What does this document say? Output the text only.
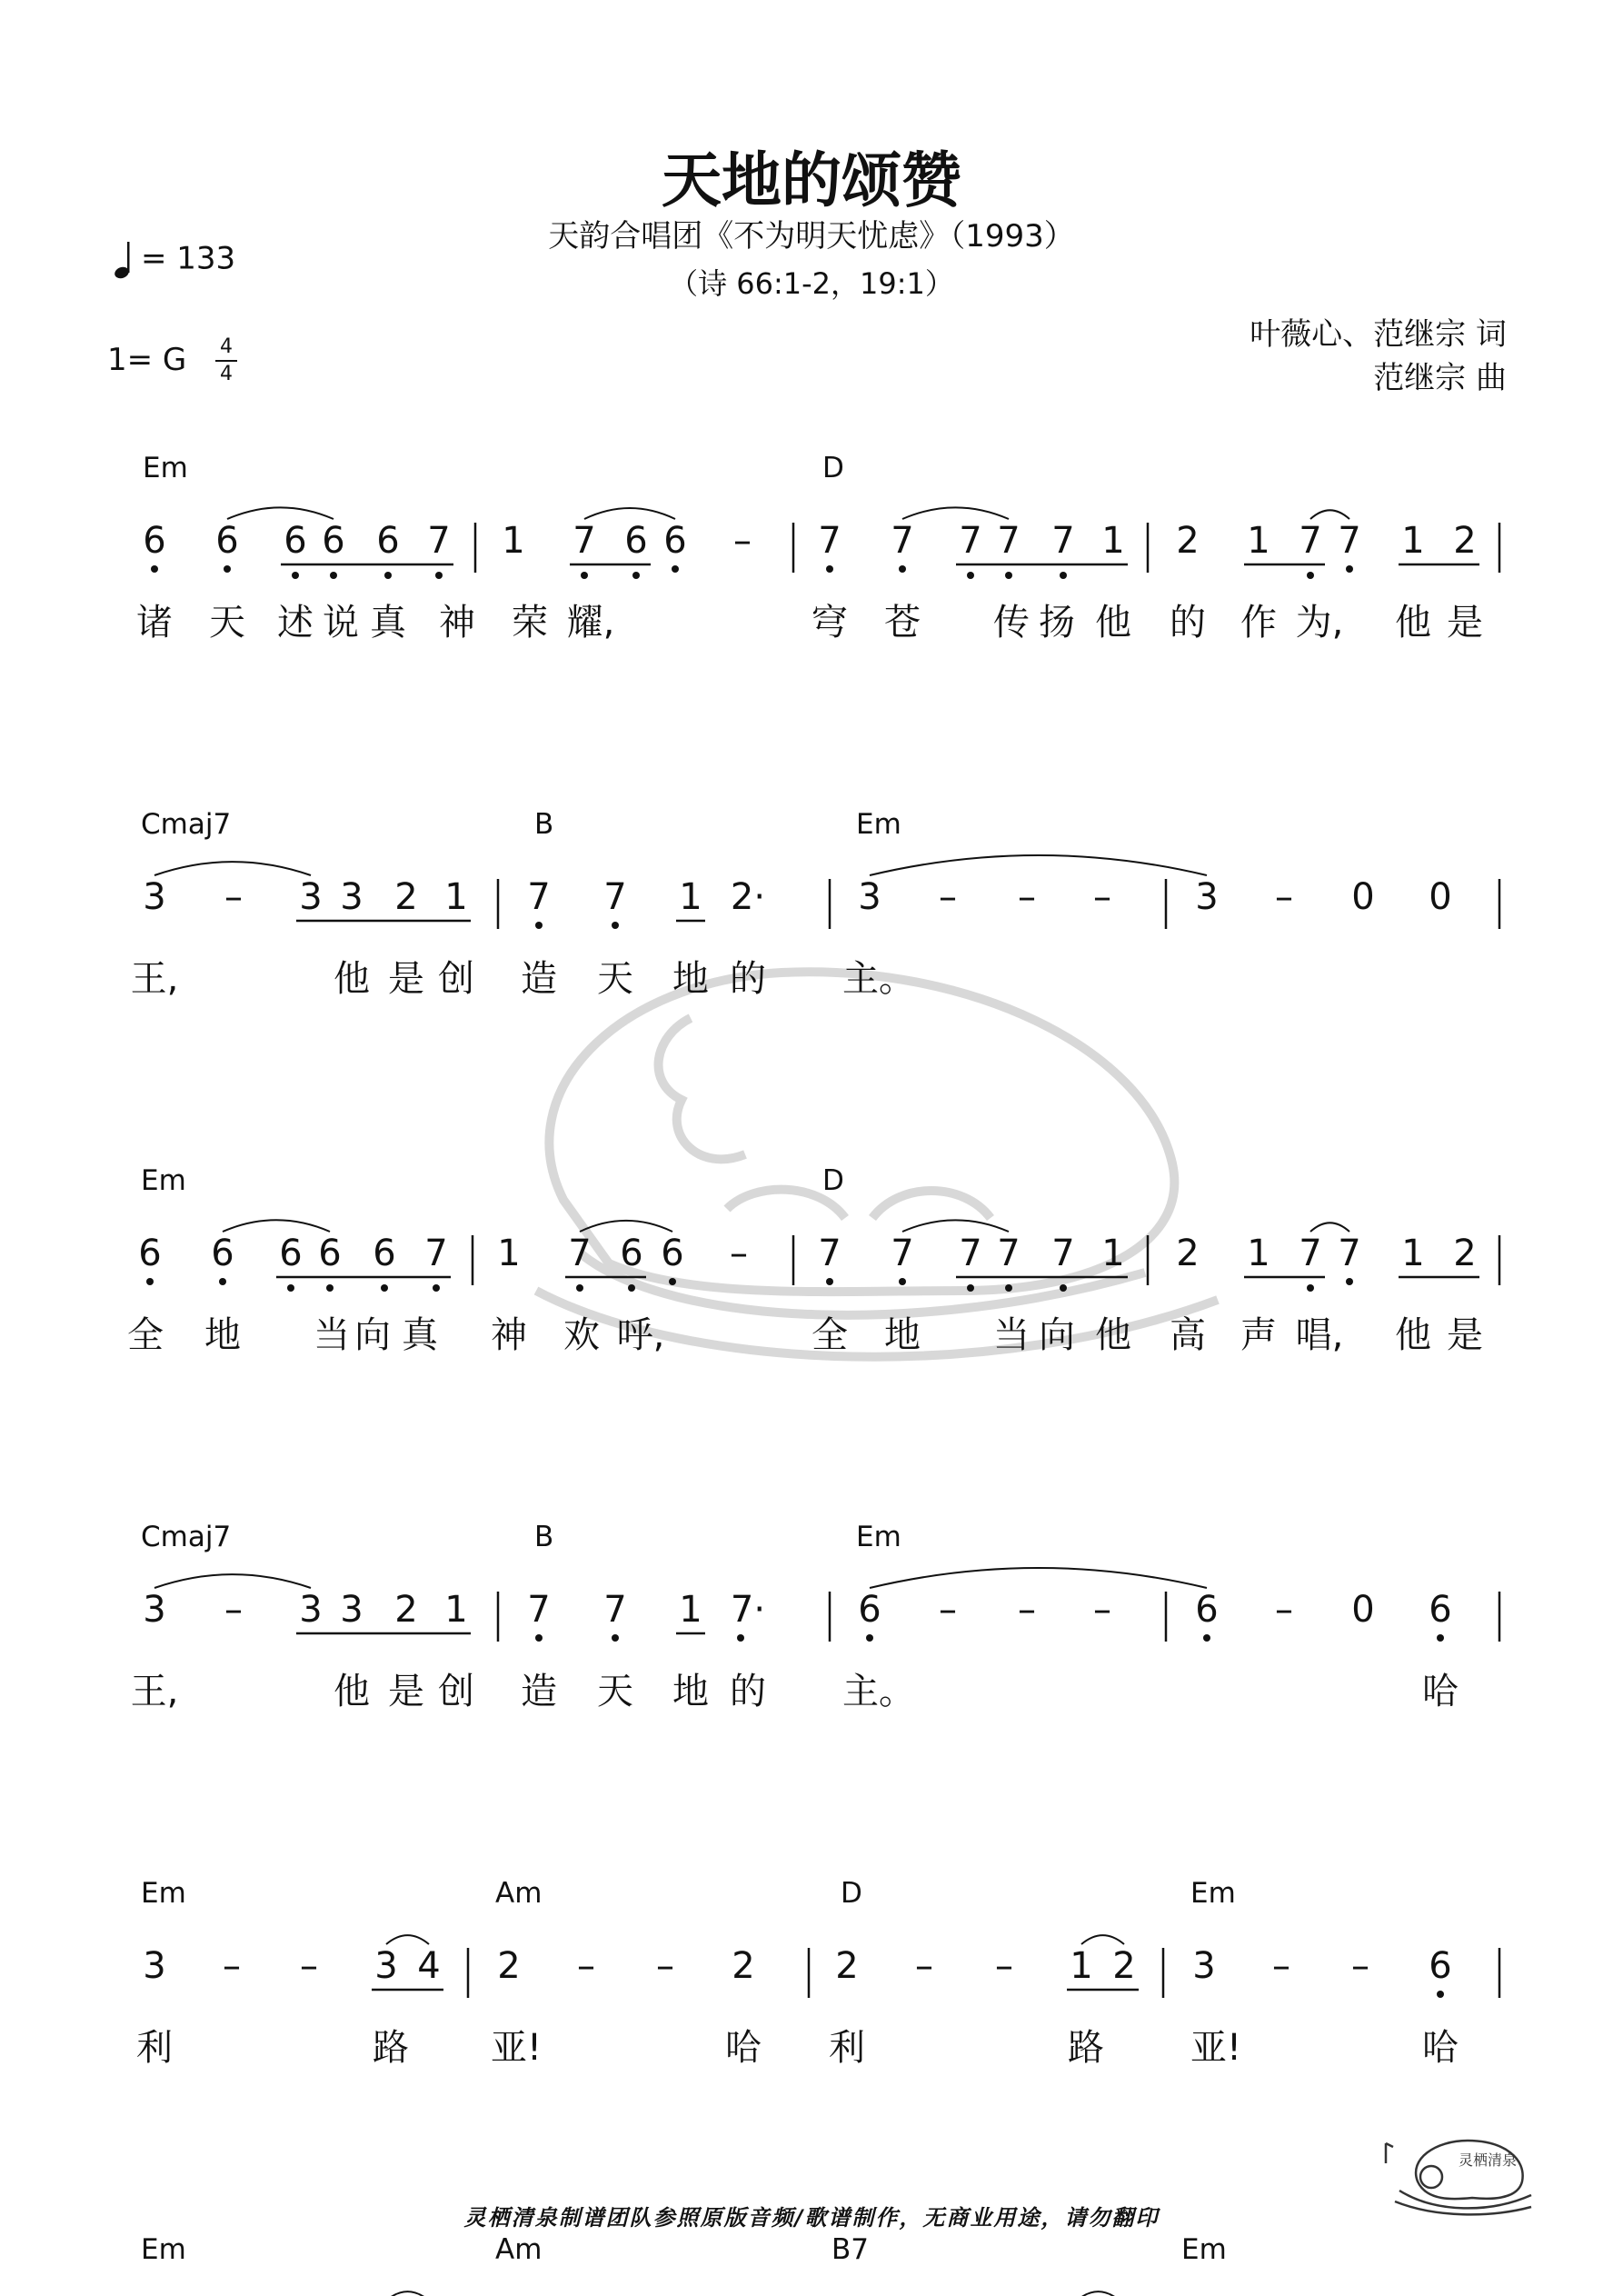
天地的颂赞
天韵合唱团《不为明天忧虑》（1993）
（诗 66:1-2，19:1）
= 133
1= G 4
4
叶薇心、范继宗 词
范继宗 曲
Em	D
6 6 6 6 6 7 1 7 6 6 – 7 7 7 7 7 1 2 1 7 7 1 2
诸 天 述 说 真 神 荣 耀,	穹 苍 传 扬 他 的 作 为, 他 是
Cmaj7	B	Em
3 – 3 3 2 1 7 7 1 2·	3 – – – 3 – 0 0
王,	他 是 创 造 天 地 的 主。
Em	D
6 6 6 6 6 7 1 7 6 6 – 7 7 7 7 7 1 2 1 7 7 1 2
全 地 当 向 真 神 欢 呼,	全 地 当 向 他 高 声 唱, 他 是
Cmaj7	B	Em
3 – 3 3 2 1 7 7 1 7·	6 – – – 6 – 0 6
王,	他 是 创 造 天 地 的 主。	哈
Em	Am	D	Em
3 – – 3 4 2 – – 2 2 – – 1 2 3 – – 6
利	路 亚!	哈 利	路 亚!	哈
Em	Am	B7	Em
灵栖清泉制谱团队参照原版音频/歌谱制作，无商业用途，请勿翻印
灵栖清泉
